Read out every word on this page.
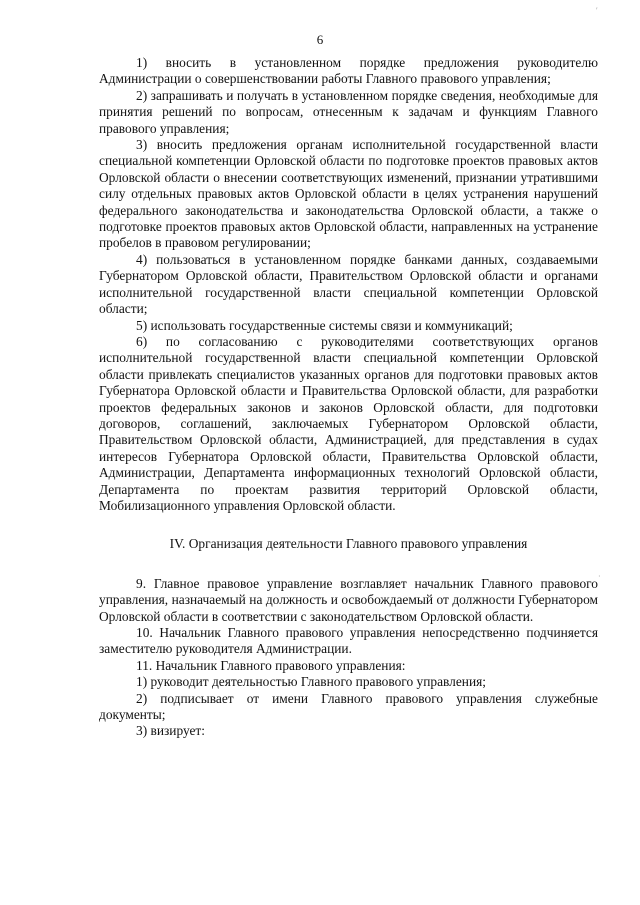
6

1) вносить в установленном порядке предложения руководителю Администрации о совершенствовании работы Главного правового управления;

2) запрашивать и получать в установленном порядке сведения, необходимые для принятия решений по вопросам, отнесенным к задачам и функциям Главного правового управления;

3) вносить предложения органам исполнительной государственной власти специальной компетенции Орловской области по подготовке проектов правовых актов Орловской области о внесении соответствующих изменений, признании утратившими силу отдельных правовых актов Орловской области в целях устранения нарушений федерального законодательства и законодательства Орловской области, а также о подготовке проектов правовых актов Орловской области, направленных на устранение пробелов в правовом регулировании;

4) пользоваться в установленном порядке банками данных, создаваемыми Губернатором Орловской области, Правительством Орловской области и органами исполнительной государственной власти специальной компетенции Орловской области;

5) использовать государственные системы связи и коммуникаций;

6) по согласованию с руководителями соответствующих органов исполнительной государственной власти специальной компетенции Орловской области привлекать специалистов указанных органов для подготовки правовых актов Губернатора Орловской области и Правительства Орловской области, для разработки проектов федеральных законов и законов Орловской области, для подготовки договоров, соглашений, заключаемых Губернатором Орловской области, Правительством Орловской области, Администрацией, для представления в судах интересов Губернатора Орловской области, Правительства Орловской области, Администрации, Департамента информационных технологий Орловской области, Департамента по проектам развития территорий Орловской области, Мобилизационного управления Орловской области.

IV. Организация деятельности Главного правового управления

9. Главное правовое управление возглавляет начальник Главного правового управления, назначаемый на должность и освобождаемый от должности Губернатором Орловской области в соответствии с законодательством Орловской области.

10. Начальник Главного правового управления непосредственно подчиняется заместителю руководителя Администрации.

11. Начальник Главного правового управления:

1) руководит деятельностью Главного правового управления;

2) подписывает от имени Главного правового управления служебные документы;

3) визирует:

′
·
